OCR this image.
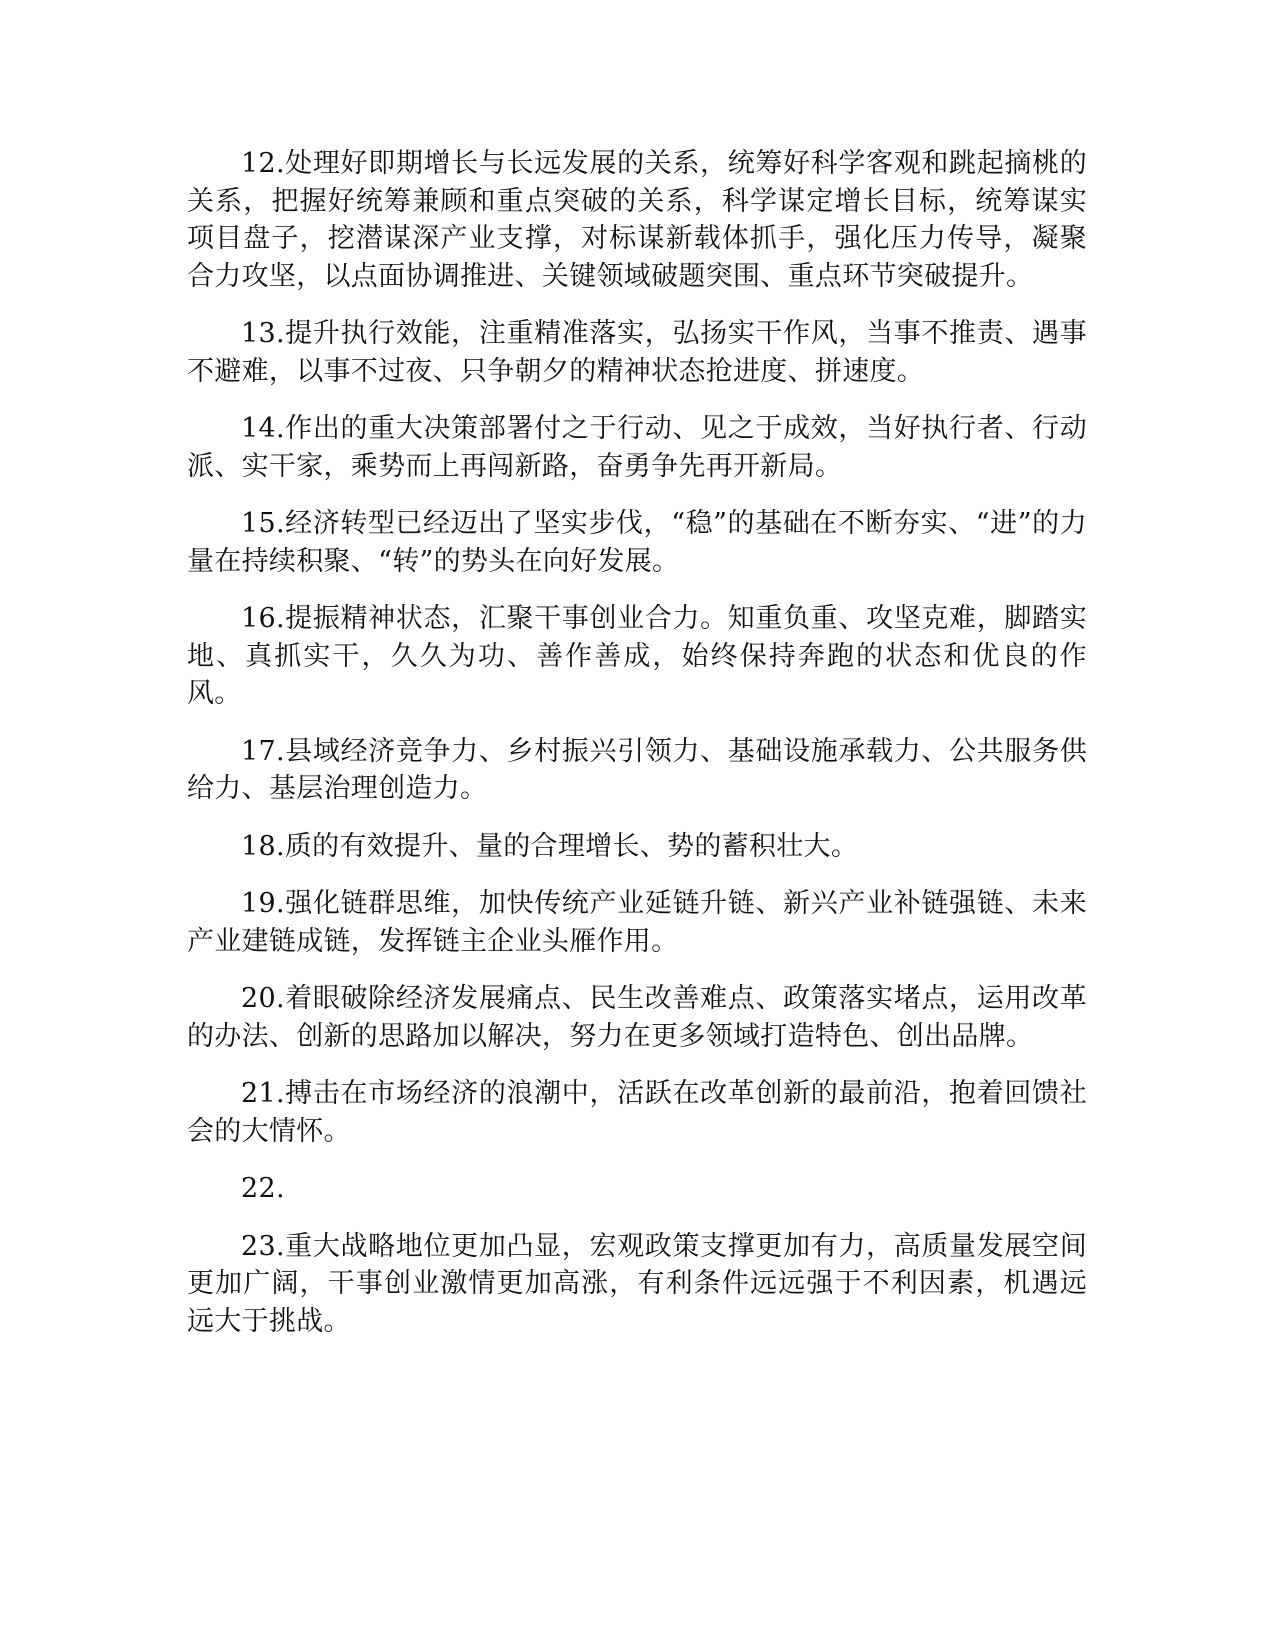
12.处理好即期增长与长远发展的关系，统筹好科学客观和跳起摘桃的关系，把握好统筹兼顾和重点突破的关系，科学谋定增长目标，统筹谋实项目盘子，挖潜谋深产业支撑，对标谋新载体抓手，强化压力传导，凝聚合力攻坚，以点面协调推进、关键领域破题突围、重点环节突破提升。

13.提升执行效能，注重精准落实，弘扬实干作风，当事不推责、遇事不避难，以事不过夜、只争朝夕的精神状态抢进度、拼速度。

14.作出的重大决策部署付之于行动、见之于成效，当好执行者、行动派、实干家，乘势而上再闯新路，奋勇争先再开新局。

15.经济转型已经迈出了坚实步伐，“稳”的基础在不断夯实、“进”的力量在持续积聚、“转”的势头在向好发展。

16.提振精神状态，汇聚干事创业合力。知重负重、攻坚克难，脚踏实地、真抓实干，久久为功、善作善成，始终保持奔跑的状态和优良的作风。

17.县域经济竞争力、乡村振兴引领力、基础设施承载力、公共服务供给力、基层治理创造力。

18.质的有效提升、量的合理增长、势的蓄积壮大。

19.强化链群思维，加快传统产业延链升链、新兴产业补链强链、未来产业建链成链，发挥链主企业头雁作用。

20.着眼破除经济发展痛点、民生改善难点、政策落实堵点，运用改革的办法、创新的思路加以解决，努力在更多领域打造特色、创出品牌。

21.搏击在市场经济的浪潮中，活跃在改革创新的最前沿，抱着回馈社会的大情怀。

22.

23.重大战略地位更加凸显，宏观政策支撑更加有力，高质量发展空间更加广阔，干事创业激情更加高涨，有利条件远远强于不利因素，机遇远远大于挑战。
